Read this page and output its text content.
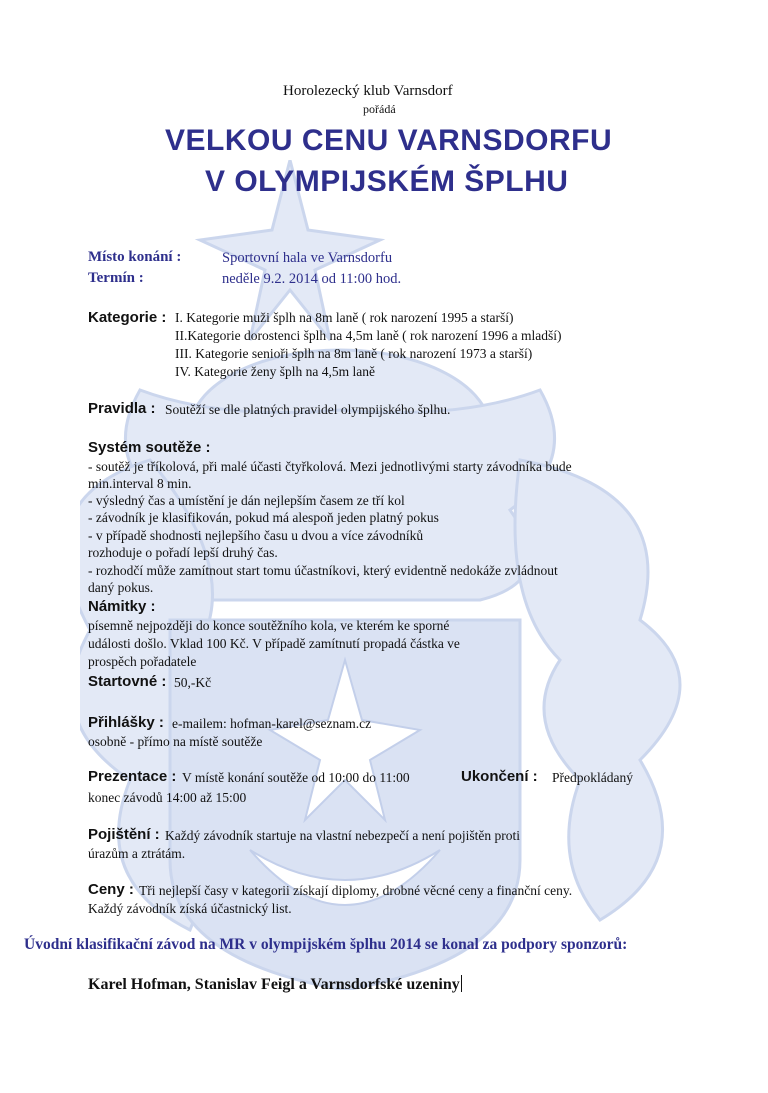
Horolezecký klub Varnsdorf
pořádá
VELKOU CENU VARNSDORFU
V OLYMPIJSKÉM ŠPLHU
Místo konání :	Sportovní hala ve Varnsdorfu
Termín :	neděle 9.2. 2014 od 11:00 hod.
Kategorie : I. Kategorie muži šplh na 8m laně ( rok narození 1995 a starší)
II.Kategorie dorostenci šplh na 4,5m laně ( rok narození 1996 a mladší)
III. Kategorie senioři šplh na 8m laně ( rok narození 1973 a starší)
IV. Kategorie ženy šplh na 4,5m laně
Pravidla : Soutěží se dle platných pravidel olympijského šplhu.
Systém soutěže :
- soutěž je tříkolová, při malé účasti čtyřkolová. Mezi jednotlivými starty závodníka bude
min.interval 8 min.
- výsledný čas a umístění je dán nejlepším časem ze tří kol
- závodník je klasifikován, pokud má alespoň jeden platný pokus
- v případě shodnosti nejlepšího času u dvou a více závodníků
rozhoduje o pořadí lepší druhý čas.
- rozhodčí může zamítnout start tomu účastníkovi, který evidentně nedokáže zvládnout
daný pokus.
Námitky :
písemně nejpozději do konce soutěžního kola, ve kterém ke sporné
události došlo. Vklad 100 Kč. V případě zamítnutí propadá částka ve
prospěch pořadatele
Startovné : 50,-Kč
Přihlášky : e-mailem: hofman-karel@seznam.cz
osobně - přímo na místě soutěže
Prezentace : V místě konání soutěže od 10:00 do 11:00	Ukončení : Předpokládaný
konec závodů 14:00 až 15:00
Pojištění : Každý závodník startuje na vlastní nebezpečí a není pojištěn proti
úrazům a ztrátám.
Ceny : Tři nejlepší časy v kategorii získají diplomy, drobné věcné ceny a finanční ceny.
Každý závodník získá účastnický list.
Úvodní klasifikační závod na MR v olympijském šplhu 2014 se konal za podpory sponzorů:
Karel Hofman, Stanislav Feigl a Varnsdorfské uzeniny
